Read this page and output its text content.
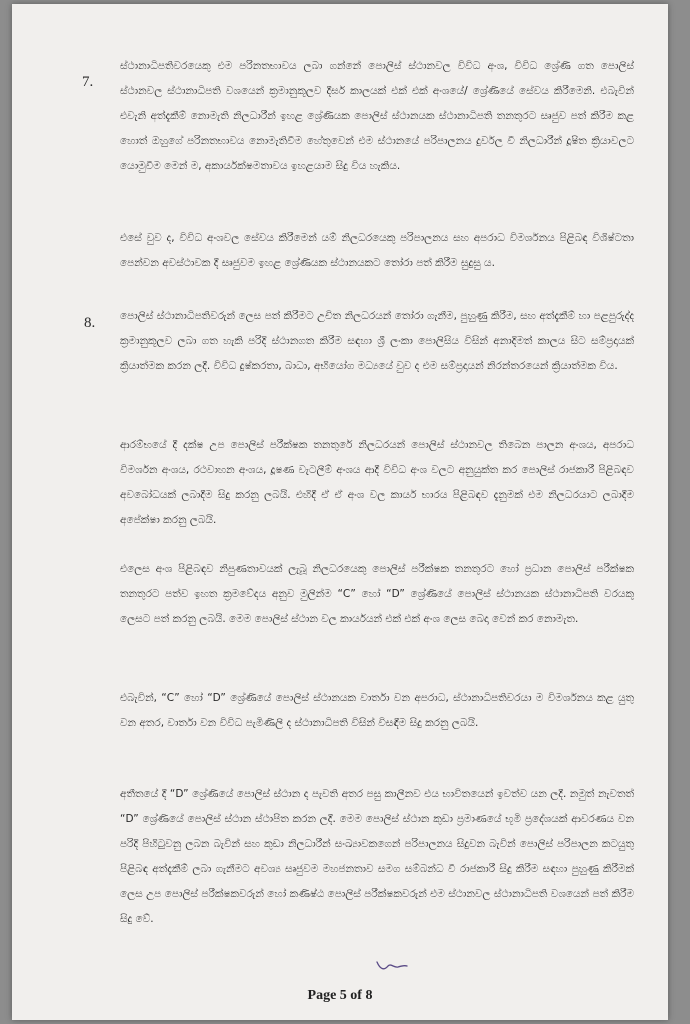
7.

ස්ථානාධිපතිවරයෙකු එම පරිනතභාවය ලබා ගන්නේ පොලිස් ස්ථානවල විවිධ අංශ, විවිධ ශ්‍රේණි ගත පොලිස් ස්ථානවල ස්ථානාධිපති වශයෙන් ක්‍රමානුකූලව දීර්ඝ කාලයක් එක් එක් අංශයේ/ ශ්‍රේණියේ සේවය කිරීමෙනි. එබැවින් එවැනි අත්දැකීම් නොමැති නිලධාරීන් ඉහළ ශ්‍රේණියක පොලිස් ස්ථානයක ස්ථානාධිපති තනතුරට සෘජුව පත් කිරීම කළ හොත් ඔහුගේ පරිනතභාවය නොමැතිවීම හේතුවෙන් එම ස්ථානයේ පරිපාලනය දුර්වල වී නිලධාරීන් දූෂිත ක්‍රියාවලට යොමුවීම මෙන් ම, අකාර්යක්ෂමතාවය ඉහළයාම සිදු විය හැකිය.

එසේ වුව ද, විවිධ අංශවල සේවය කිරීමෙන් යම් නිලධරයෙකු පරිපාලනය සහ අපරාධ විමර්ශනය පිළිබඳ විශිෂ්ටතා පෙන්වන අවස්ථාවක දී සෘජුවම ඉහළ ශ්‍රේණියක ස්ථානයකට තෝරා පත් කිරීම සුදුසු ය.

8. පොලිස් ස්ථානාධිපතිවරුන් ලෙස පත් කිරීමට උචිත නිලධරයන් තෝරා ගැනීම, පුහුණු කිරීම, සහ අත්දැකීම් හා පළපුරුද්ද ක්‍රමානුකූලව ලබා ගත හැකි පරිදි ස්ථානගත කිරීම සඳහා ශ්‍රී ලංකා පොලිසිය විසින් අනාදිමත් කාලය සිට සම්ප්‍රදායක් ක්‍රියාත්මක කරන ලදී. විවිධ දුෂ්කරතා, බාධා, අභියෝග මධ්‍යයේ වුව ද එම සම්ප්‍රදායන් නිරන්තරයෙන් ක්‍රියාත්මක විය.

ආරම්භයේ දී දක්ෂ උප පොලිස් පරීක්ෂක තනතුරේ නිලධරයන් පොලිස් ස්ථානවල තිබෙන පාලන අංශය, අපරාධ විමර්ශන අංශය, රථවාහන අංශය, දූෂණ වැටලීම් අංශය ආදී විවිධ අංශ වලට අනුයුක්ත කර පොලිස් රාජකාරී පිළිබඳව අවබෝධයක් ලබාදීම සිදු කරනු ලබයි. එහිදී ඒ ඒ අංශ වල කාර්ය භාරය පිළිබඳව දැනුමක් එම නිලධරයාට ලබාදීම අපේක්ෂා කරනු ලබයි.

එලෙස අංශ පිළිබඳව නිපුණතාවයක් ලැබූ නිලධරයෙකු පොලිස් පරීක්ෂක තනතුරට හෝ ප්‍රධාන පොලිස් පරීක්ෂක තනතුරට පත්ව ඉහත ක්‍රමවේදය අනුව මුලින්ම “C” හෝ “D” ශ්‍රේණියේ පොලිස් ස්ථානයක ස්ථානාධිපති වරයකු ලෙසට පත් කරනු ලබයි. මෙම පොලිස් ස්ථාන වල කාර්යයන් එක් එක් අංශ ලෙස බෙදා වෙන් කර නොමැත.

එබැවින්, “C” හෝ “D” ශ්‍රේණියේ පොලිස් ස්ථානයක වාර්තා වන අපරාධ, ස්ථානාධිපතිවරයා ම විමර්ශනය කළ යුතු වන අතර, වාර්තා වන විවිධ පැමිණිලි ද ස්ථානාධිපති විසින් විසඳීම සිදු කරනු ලබයි.

අතීතයේ දී “D” ශ්‍රේණියේ පොලිස් ස්ථාන ද පැවති අතර පසු කාලීනව එය භාවිතයෙන් ඉවත්ව යන ලදී. නමුත් නැවතත් “D” ශ්‍රේණියේ පොලිස් ස්ථාන ස්ථාපිත කරන ලදී. මෙම පොලිස් ස්ථාන කුඩා ප්‍රමාණයේ භූමි ප්‍රදේශයක් ආවරණය වන පරිදි පිහිටුවනු ලබන බැවින් සහ කුඩා නිලධාරීන් සංඛ්‍යාවකගෙන් පරිපාලනය සිදුවන බැවින් පොලිස් පරිපාලන කටයුතු පිළිබඳ අත්දැකීම් ලබා ගැනීමට අවශ්‍ය සෘජුවම මහජනතාව සමග සම්බන්ධ වී රාජකාරී සිදු කිරීම සඳහා පුහුණු කිරීමක් ලෙස උප පොලිස් පරීක්ෂකවරුන් හෝ කණිෂ්ඨ පොලිස් පරීක්ෂකවරුන් එම ස්ථානවල ස්ථානාධිපති වශයෙන් පත් කිරීම සිදු වේ.

Page 5 of 8
